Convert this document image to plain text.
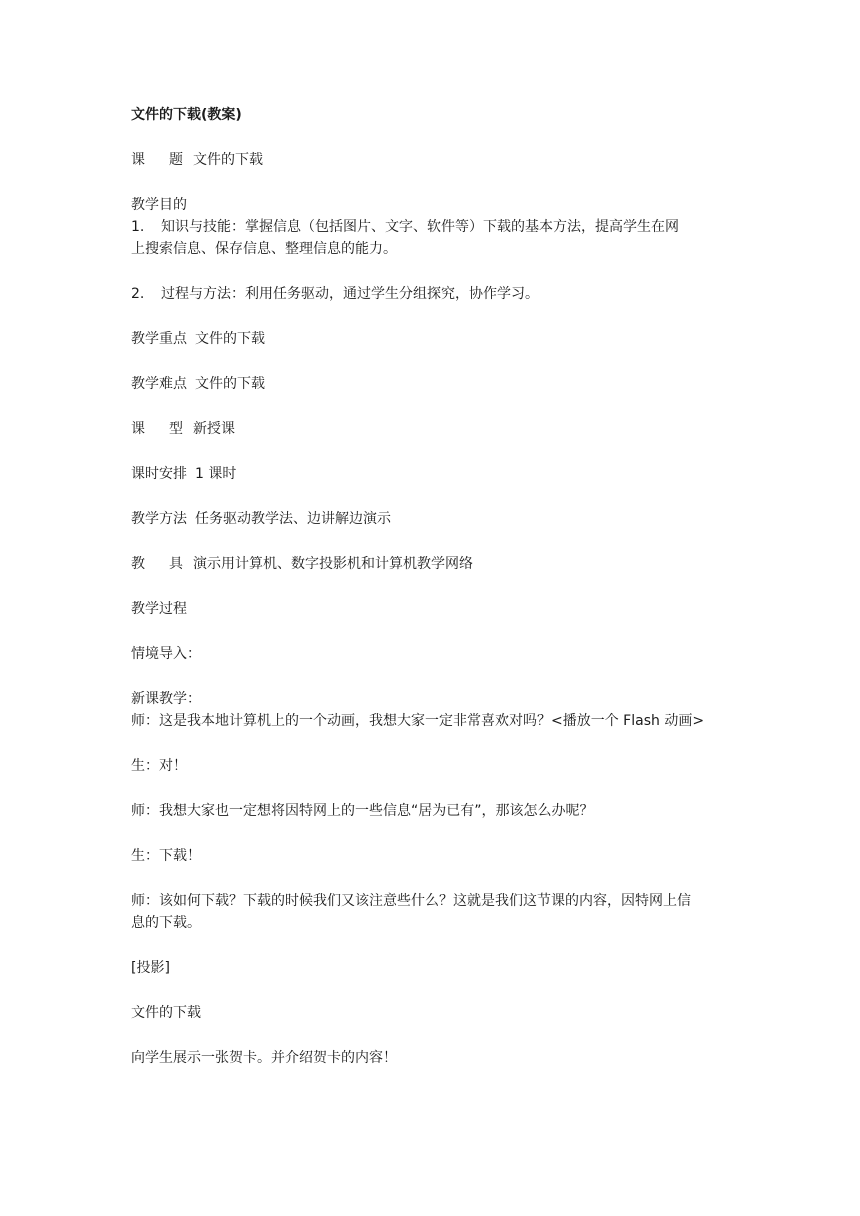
文件的下载(教案)
课 题 文件的下载
教学目的
1. 知识与技能：掌握信息（包括图片、文字、软件等）下载的基本方法，提高学生在网
上搜索信息、保存信息、整理信息的能力。
2. 过程与方法：利用任务驱动，通过学生分组探究，协作学习。
教学重点 文件的下载
教学难点 文件的下载
课 型 新授课
课时安排 1 课时
教学方法 任务驱动教学法、边讲解边演示
教 具 演示用计算机、数字投影机和计算机教学网络
教学过程
情境导入：
新课教学：
师：这是我本地计算机上的一个动画，我想大家一定非常喜欢对吗？<播放一个 Flash 动画>
生：对！
师：我想大家也一定想将因特网上的一些信息“居为已有”，那该怎么办呢？
生：下载！
师：该如何下载？下载的时候我们又该注意些什么？这就是我们这节课的内容，因特网上信
息的下载。
[投影]
文件的下载
向学生展示一张贺卡。并介绍贺卡的内容！
